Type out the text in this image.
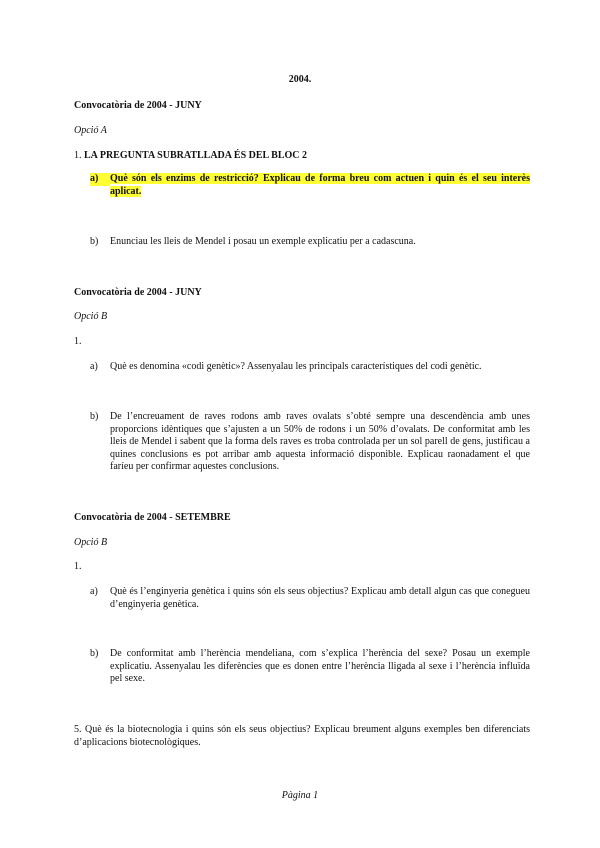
2004.
Convocatòria de 2004 - JUNY
Opció A
1. LA PREGUNTA SUBRATLLADA ÉS DEL BLOC 2
a)	Què són els enzims de restricció? Explicau de forma breu com actuen i quin és el seu interès aplicat.
b)	Enunciau les lleis de Mendel i posau un exemple explicatiu per a cadascuna.
Convocatòria de 2004 - JUNY
Opció B
1.
a)	Què es denomina «codi genètic»? Assenyalau les principals característiques del codi genètic.
b)	De l’encreuament de raves rodons amb raves ovalats s’obté sempre una descendència amb unes proporcions idèntiques que s’ajusten a un 50% de rodons i un 50% d’ovalats. De conformitat amb les lleis de Mendel i sabent que la forma dels raves es troba controlada per un sol parell de gens, justificau a quines conclusions es pot arribar amb aquesta informació disponible. Explicau raonadament el que faríeu per confirmar aquestes conclusions.
Convocatòria de 2004 - SETEMBRE
Opció B
1.
a)	Què és l’enginyeria genètica i quins són els seus objectius? Explicau amb detall algun cas que conegueu d’enginyeria genètica.
b)	De conformitat amb l’herència mendeliana, com s’explica l’herència del sexe? Posau un exemple explicatiu. Assenyalau les diferències que es donen entre l’herència lligada al sexe i l’herència influïda pel sexe.
5. Què és la biotecnologia i quins són els seus objectius? Explicau breument alguns exemples ben diferenciats d’aplicacions biotecnològiques.
Pàgina 1
